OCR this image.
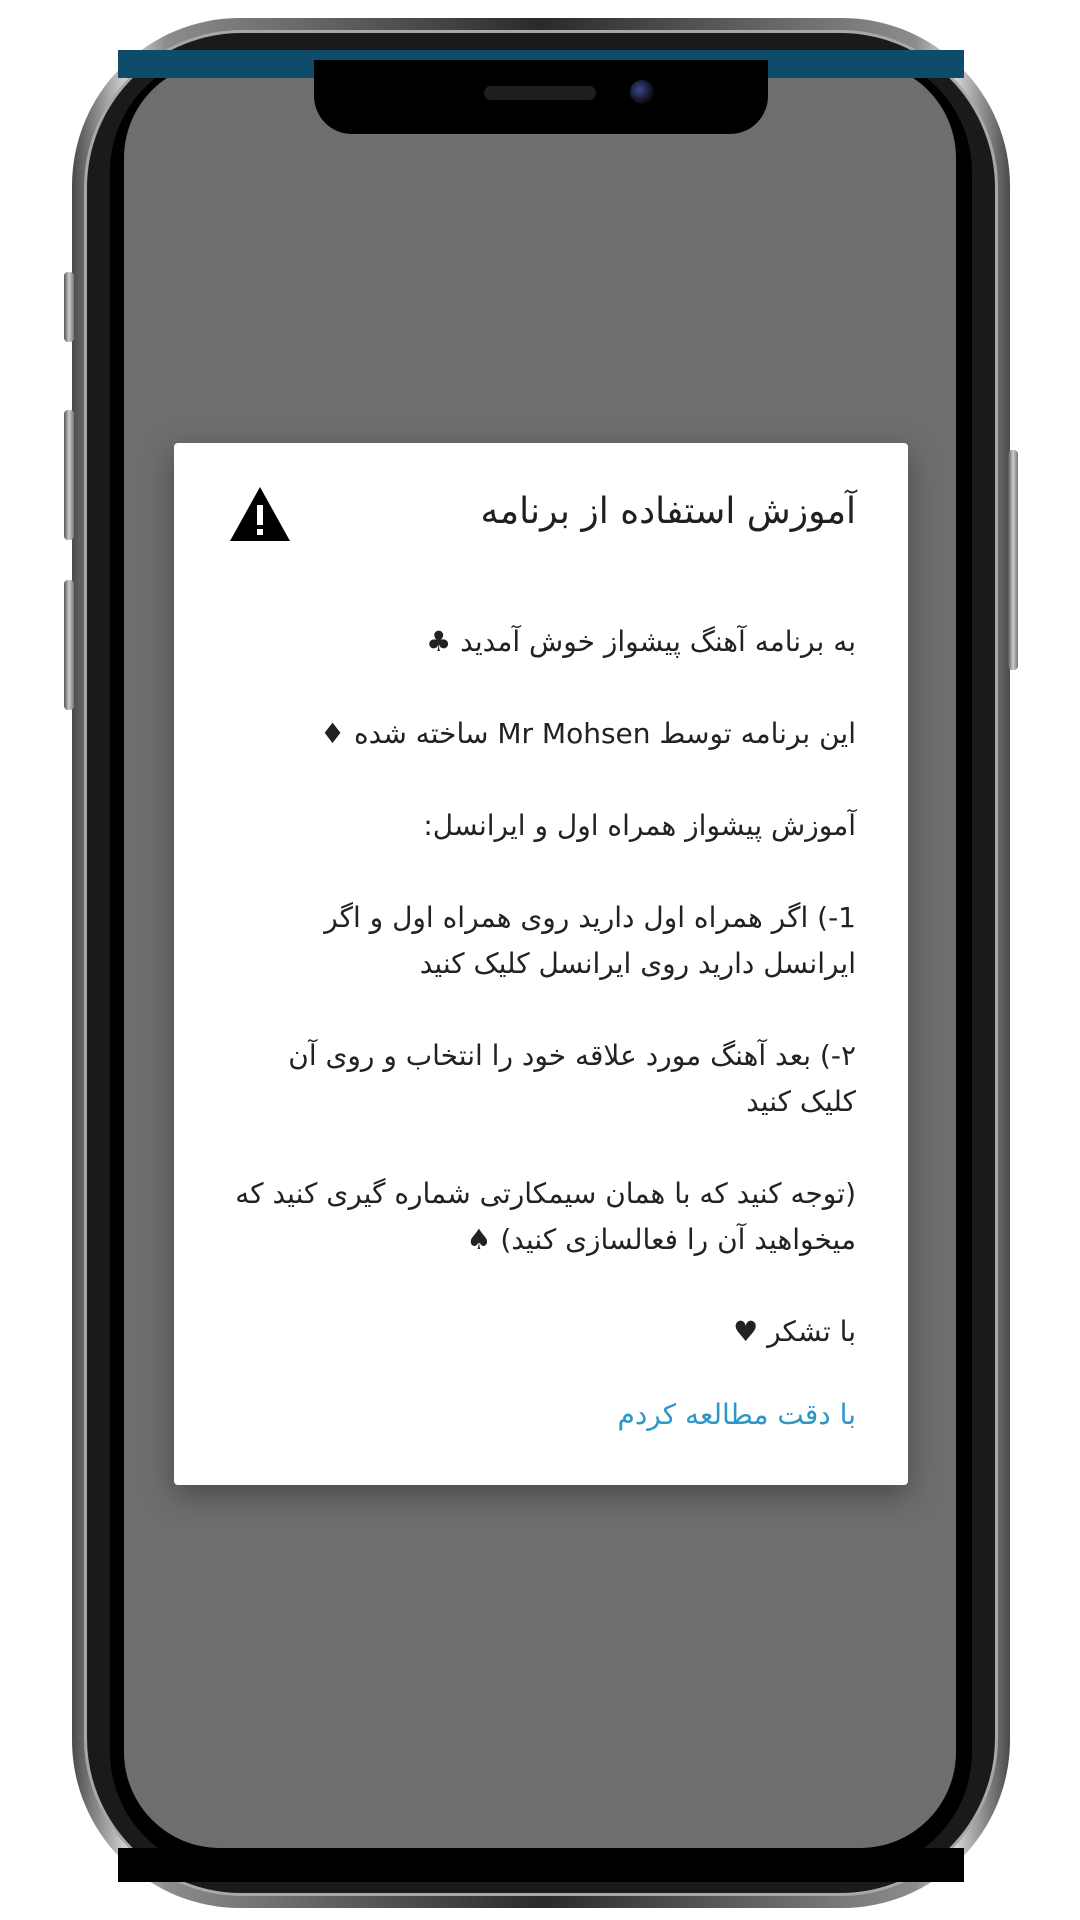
آموزش استفاده از برنامه

به برنامه آهنگ پیشواز خوش آمدید ♣

این برنامه توسط Mr Mohsen ساخته شده ♦

آموزش پیشواز همراه اول و ایرانسل:

1-) اگر همراه اول دارید روی همراه اول و اگر ایرانسل دارید روی ایرانسل کلیک کنید

۲-) بعد آهنگ مورد علاقه خود را انتخاب و روی آن کلیک کنید

(توجه کنید که با همان سیمکارتی شماره گیری کنید که میخواهید آن را فعالسازی کنید) ♠

با تشکر ♥

با دقت مطالعه کردم
